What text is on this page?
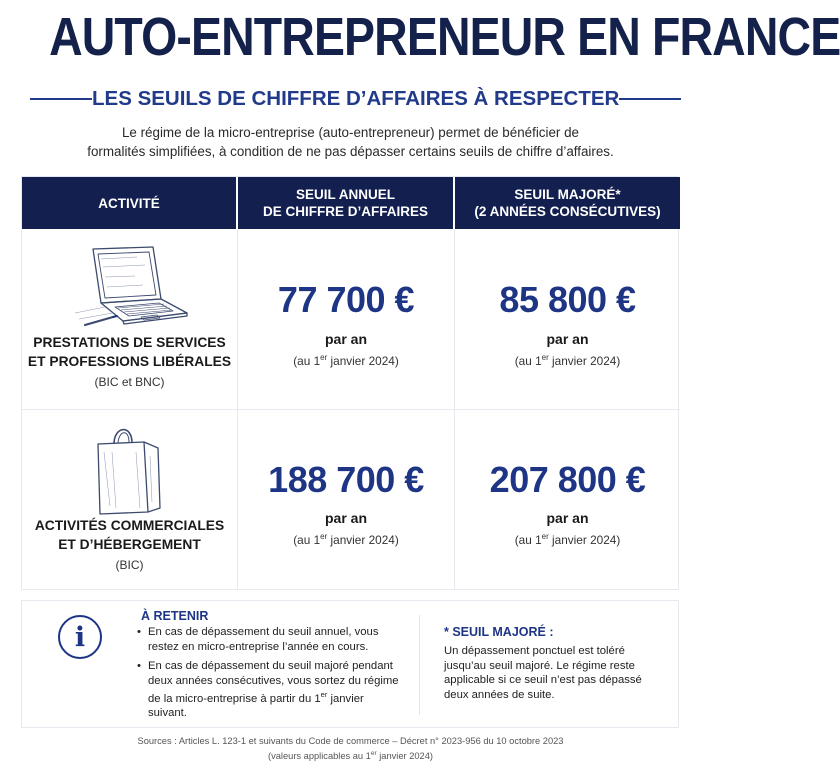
AUTO-ENTREPRENEUR EN FRANCE
LES SEUILS DE CHIFFRE D’AFFAIRES À RESPECTER
Le régime de la micro-entreprise (auto-entrepreneur) permet de bénéficier de
formalités simplifiées, à condition de ne pas dépasser certains seuils de chiffre d’affaires.
ACTIVITÉ
SEUIL ANNUEL
DE CHIFFRE D’AFFAIRES
SEUIL MAJORÉ*
(2 ANNÉES CONSÉCUTIVES)
PRESTATIONS DE SERVICES
ET PROFESSIONS LIBÉRALES
(BIC et BNC)
77 700 €
par an
(au 1er janvier 2024)
85 800 €
par an
(au 1er janvier 2024)
ACTIVITÉS COMMERCIALES
ET D’HÉBERGEMENT
(BIC)
188 700 €
par an
(au 1er janvier 2024)
207 800 €
par an
(au 1er janvier 2024)
i
À RETENIR
• En cas de dépassement du seuil annuel, vous restez en micro-entreprise l’année en cours.
• En cas de dépassement du seuil majoré pendant deux années consécutives, vous sortez du régime de la micro-entreprise à partir du 1er janvier suivant.
* SEUIL MAJORÉ :
Un dépassement ponctuel est toléré jusqu’au seuil majoré. Le régime reste applicable si ce seuil n’est pas dépassé deux années de suite.
Sources : Articles L. 123-1 et suivants du Code de commerce – Décret n° 2023-956 du 10 octobre 2023
(valeurs applicables au 1er janvier 2024)
